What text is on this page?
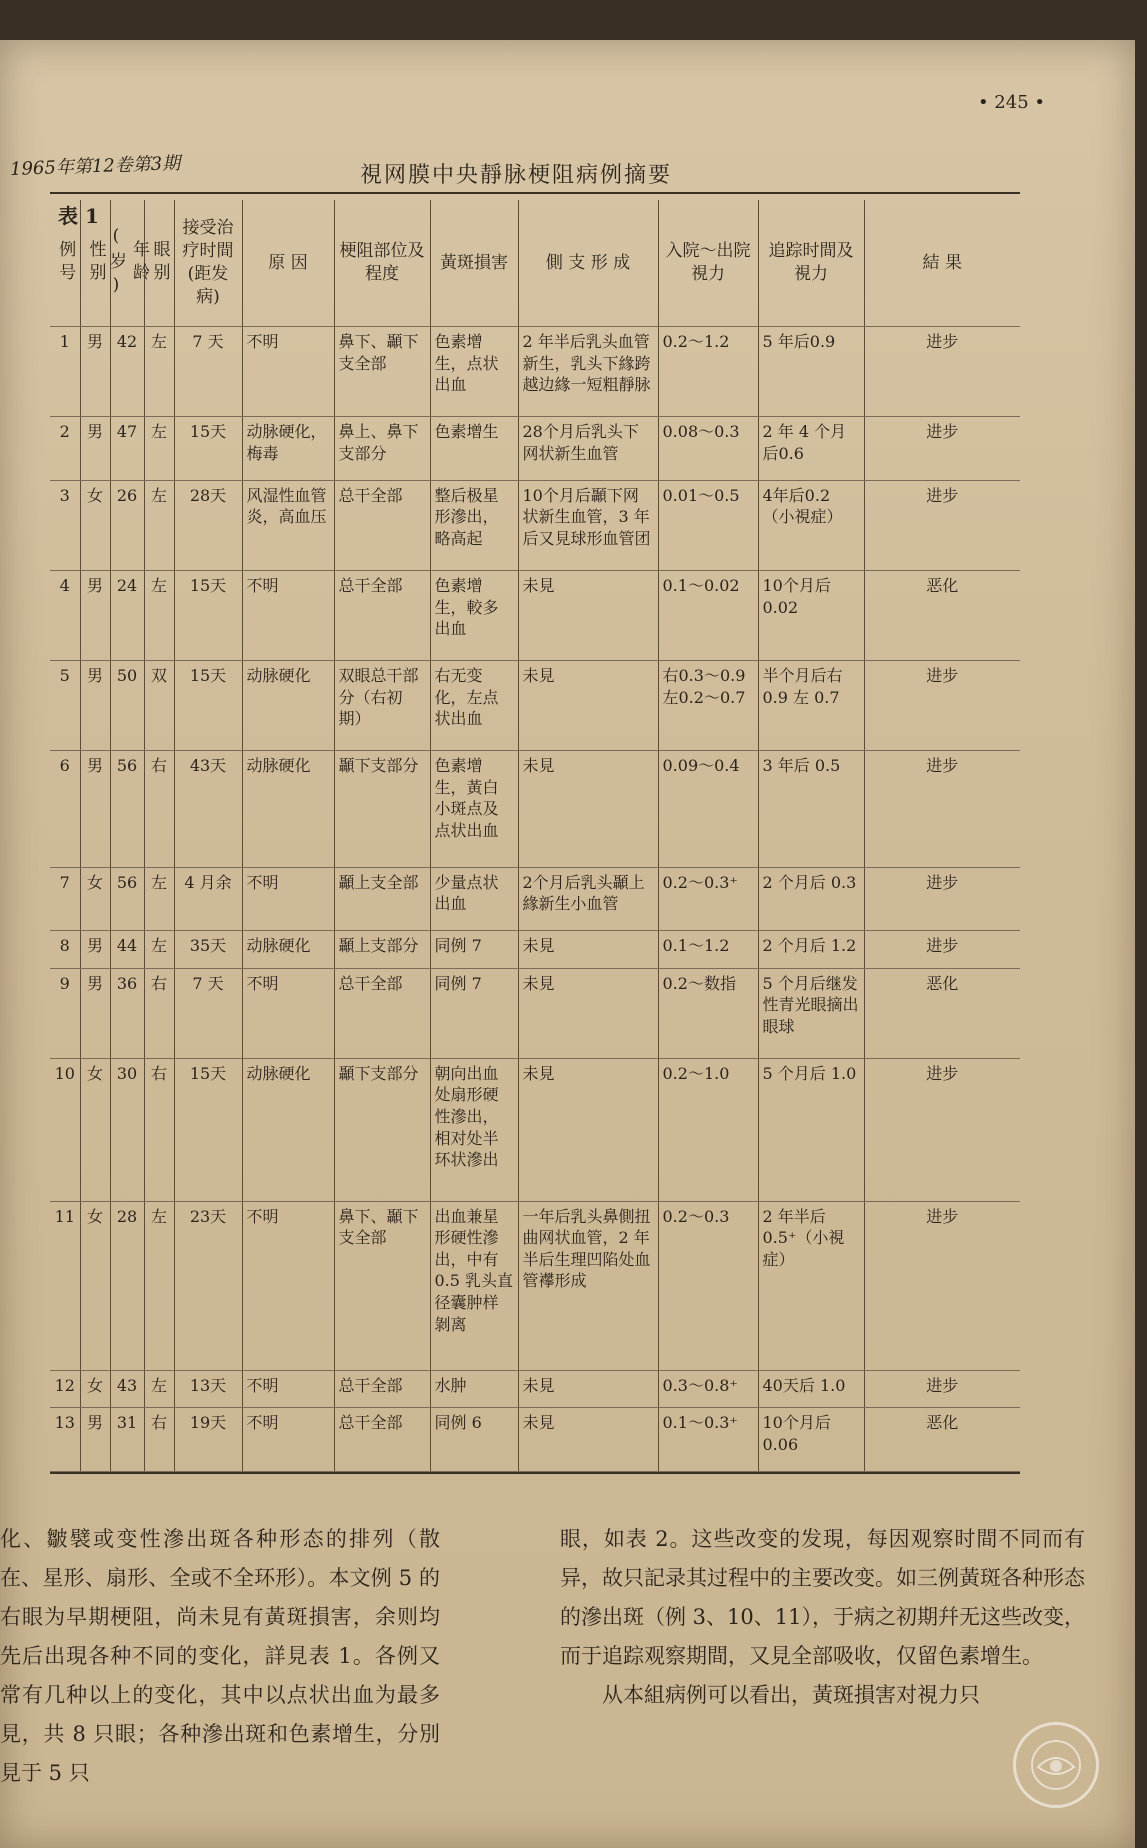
• 245 •
1965年第12卷第3期	視网膜中央靜脉梗阻病例摘要
表 1
例号	性别	年龄(岁)	眼别	接受治疗时間(距发病)	原 因	梗阻部位及程度	黃斑損害	側 支 形 成	入院～出院視力	追踪时間及視力	結 果
1	男	42	左	7 天	不明	鼻下、顳下支全部	色素增生，点状出血	2 年半后乳头血管新生，乳头下緣跨越边緣一短粗靜脉	0.2～1.2	5 年后0.9	进步
2	男	47	左	15天	动脉硬化，梅毒	鼻上、鼻下支部分	色素增生	28个月后乳头下网状新生血管	0.08～0.3	2 年 4 个月后0.6	进步
3	女	26	左	28天	风湿性血管炎，高血压	总干全部	整后极星形滲出，略高起	10个月后顳下网状新生血管，3 年后又見球形血管团	0.01～0.5	4年后0.2（小視症）	进步
4	男	24	左	15天	不明	总干全部	色素增生，較多出血	未見	0.1～0.02	10个月后0.02	恶化
5	男	50	双	15天	动脉硬化	双眼总干部分（右初期）	右无变化，左点状出血	未見	右0.3～0.9 左0.2～0.7	半个月后右 0.9 左 0.7	进步
6	男	56	右	43天	动脉硬化	顳下支部分	色素增生，黃白小斑点及点状出血	未見	0.09～0.4	3 年后 0.5	进步
7	女	56	左	4 月余	不明	顳上支全部	少量点状出血	2个月后乳头顳上緣新生小血管	0.2～0.3⁺	2 个月后 0.3	进步
8	男	44	左	35天	动脉硬化	顳上支部分	同例 7	未見	0.1～1.2	2 个月后 1.2	进步
9	男	36	右	7 天	不明	总干全部	同例 7	未見	0.2～数指	5 个月后继发性青光眼摘出眼球	恶化
10	女	30	右	15天	动脉硬化	顳下支部分	朝向出血处扇形硬性滲出，相对处半环状滲出	未見	0.2～1.0	5 个月后 1.0	进步
11	女	28	左	23天	不明	鼻下、顳下支全部	出血兼星形硬性滲出，中有 0.5 乳头直径囊肿样剝离	一年后乳头鼻側扭曲网状血管，2 年半后生理凹陷处血管襻形成	0.2～0.3	2 年半后 0.5⁺（小視症）	进步
12	女	43	左	13天	不明	总干全部	水肿	未見	0.3～0.8⁺	40天后 1.0	进步
13	男	31	右	19天	不明	总干全部	同例 6	未見	0.1～0.3⁺	10个月后 0.06	恶化

化、皺襞或变性滲出斑各种形态的排列（散在、星形、扇形、全或不全环形）。本文例 5 的右眼为早期梗阻，尚未見有黃斑損害，余则均先后出現各种不同的变化，詳見表 1。各例又常有几种以上的变化，其中以点状出血为最多見，共 8 只眼；各种滲出斑和色素增生，分別見于 5 只

眼，如表 2。这些改变的发現，每因观察时間不同而有异，故只記录其过程中的主要改变。如三例黃斑各种形态的滲出斑（例 3、10、11），于病之初期幷无这些改变，而于追踪观察期間，又見全部吸收，仅留色素增生。

从本組病例可以看出，黃斑損害对視力只
